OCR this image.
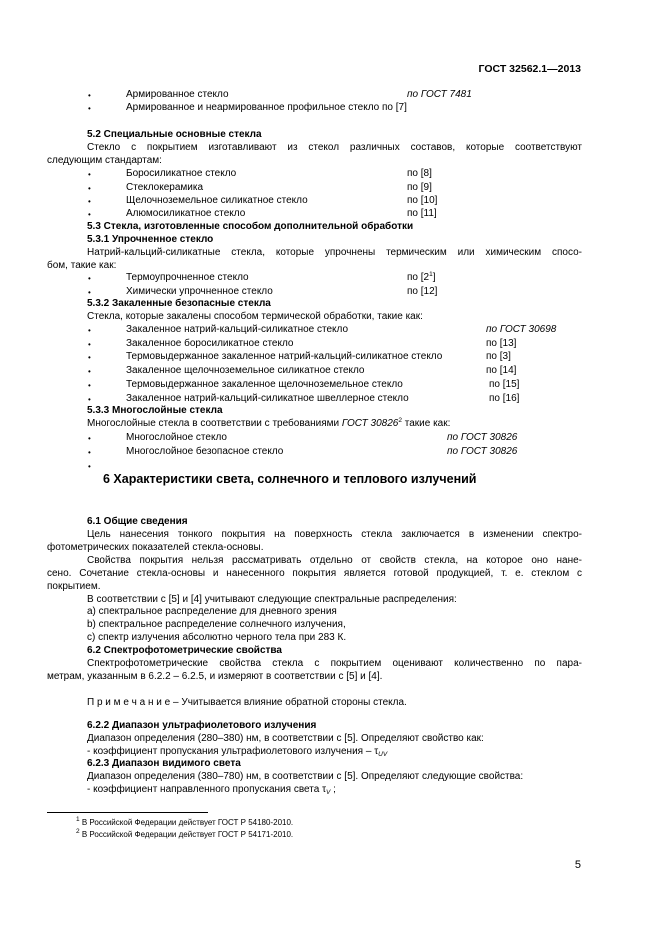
ГОСТ 32562.1—2013
•	Армированное стекло	по ГОСТ 7481
•	Армированное и неармированное профильное стекло по [7]
5.2 Специальные основные стекла
Стекло с покрытием изготавливают из стекол различных составов, которые соответствуют
следующим стандартам:
•	Боросиликатное стекло	по [8]
•	Стеклокерамика	по [9]
•	Щелочноземельное силикатное стекло	по [10]
•	Алюмосиликатное стекло	по [11]
5.3 Стекла, изготовленные способом дополнительной обработки
5.3.1 Упрочненное стекло
Натрий-кальций-силикатные стекла, которые упрочнены термическим или химическим спосо-
бом, такие как:
•	Термоупрочненное стекло	по $[2^1]$
•	Химически упрочненное стекло	по [12]
5.3.2 Закаленные безопасные стекла
Стекла, которые закалены способом термической обработки, такие как:
•	Закаленное натрий-кальций-силикатное стекло	по ГОСТ 30698
•	Закаленное боросиликатное стекло	по [13]
•	Термовыдержанное закаленное натрий-кальций-силикатное стекло	по [3]
•	Закаленное щелочноземельное силикатное стекло	по [14]
•	Термовыдержанное закаленное щелочноземельное стекло	по [15]
•	Закаленное натрий-кальций-силикатное швеллерное стекло	по [16]
5.3.3 Многослойные стекла
Многослойные стекла в соответствии с требованиями ГОСТ 30826$^2$ такие как:
•	Многослойное стекло	по ГОСТ 30826
•	Многослойное безопасное стекло	по ГОСТ 30826
•
6 Характеристики света, солнечного и теплового излучений
6.1 Общие сведения
Цель нанесения тонкого покрытия на поверхность стекла заключается в изменении спектро-
фотометрических показателей стекла-основы.
Свойства покрытия нельзя рассматривать отдельно от свойств стекла, на которое оно нане-
сено. Сочетание стекла-основы и нанесенного покрытия является готовой продукцией, т. е. стеклом с
покрытием.
В соответствии с [5] и [4] учитывают следующие спектральные распределения:
a) спектральное распределение для дневного зрения
b) спектральное распределение солнечного излучения,
c) спектр излучения абсолютно черного тела при 283 К.
6.2 Спектрофотометрические свойства
Спектрофотометрические свойства стекла с покрытием оценивают количественно по пара-
метрам, указанным в 6.2.2 – 6.2.5, и измеряют в соответствии с [5] и [4].
П р и м е ч а н и е – Учитывается влияние обратной стороны стекла.
6.2.2 Диапазон ультрафиолетового излучения
Диапазон определения (280–380) нм, в соответствии с [5]. Определяют свойство как:
- коэффициент пропускания ультрафиолетового излучения – $\tau_{UV}$
6.2.3 Диапазон видимого света
Диапазон определения (380–780) нм, в соответствии с [5]. Определяют следующие свойства:
- коэффициент направленного пропускания света $\tau_V$ ;
$^1$ В Российской Федерации действует ГОСТ Р 54180-2010.
$^2$ В Российской Федерации действует ГОСТ Р 54171-2010.
5
